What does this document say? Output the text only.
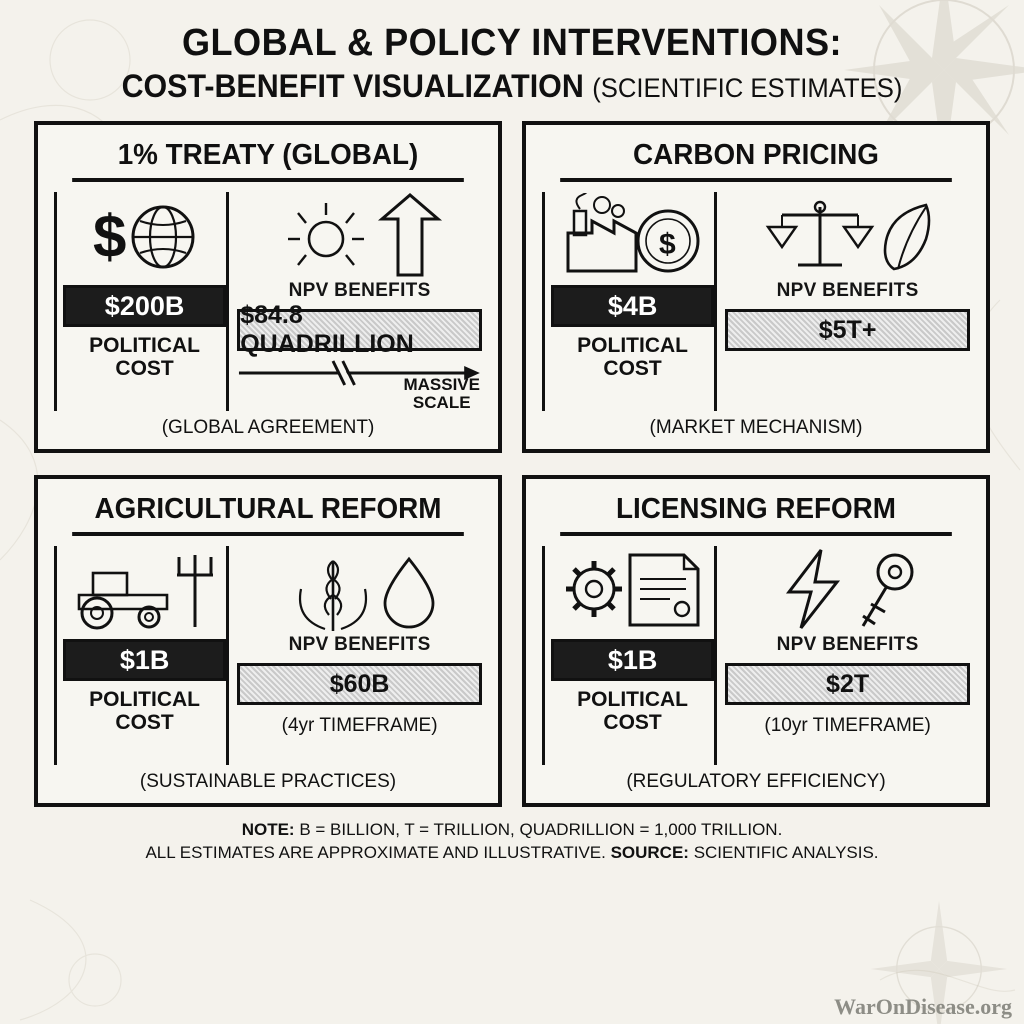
GLOBAL & POLICY INTERVENTIONS:
COST-BENEFIT VISUALIZATION (SCIENTIFIC ESTIMATES)
1% TREATY (GLOBAL)
$
$200B
POLITICAL
COST
NPV BENEFITS
$84.8 QUADRILLION
MASSIVE
SCALE
(GLOBAL AGREEMENT)
CARBON PRICING
$
$4B
POLITICAL
COST
NPV BENEFITS
$5T+
(MARKET MECHANISM)
AGRICULTURAL REFORM
$1B
POLITICAL
COST
NPV BENEFITS
$60B
(4yr TIMEFRAME)
(SUSTAINABLE PRACTICES)
LICENSING REFORM
$1B
POLITICAL
COST
NPV BENEFITS
$2T
(10yr TIMEFRAME)
(REGULATORY EFFICIENCY)
NOTE: B = BILLION, T = TRILLION, QUADRILLION = 1,000 TRILLION.
ALL ESTIMATES ARE APPROXIMATE AND ILLUSTRATIVE. SOURCE: SCIENTIFIC ANALYSIS.
WarOnDisease.org
